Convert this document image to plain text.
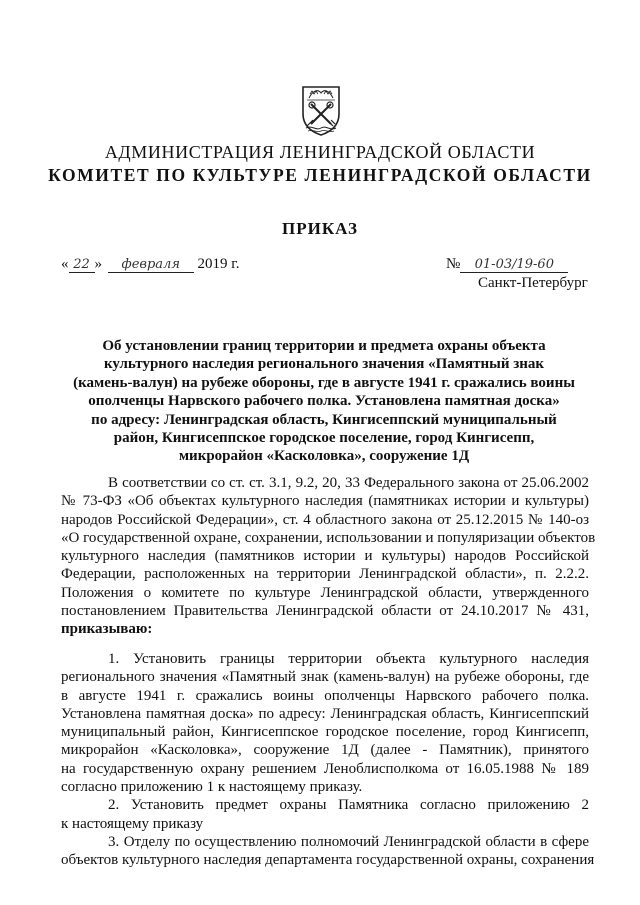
АДМИНИСТРАЦИЯ ЛЕНИНГРАДСКОЙ ОБЛАСТИ
КОМИТЕТ ПО КУЛЬТУРЕ ЛЕНИНГРАДСКОЙ ОБЛАСТИ
ПРИКАЗ
« 22 » февраля 2019 г.	№ 01-03/19-60
Санкт-Петербург
Об установлении границ территории и предмета охраны объекта
культурного наследия регионального значения «Памятный знак
(камень-валун) на рубеже обороны, где в августе 1941 г. сражались воины
ополченцы Нарвского рабочего полка. Установлена памятная доска»
по адресу: Ленинградская область, Кингисеппский муниципальный
район, Кингисеппское городское поселение, город Кингисепп,
микрорайон «Касколовка», сооружение 1Д
В соответствии со ст. ст. 3.1, 9.2, 20, 33 Федерального закона от 25.06.2002
№ 73-ФЗ «Об объектах культурного наследия (памятниках истории и культуры)
народов Российской Федерации», ст. 4 областного закона от 25.12.2015 № 140-оз
«О государственной охране, сохранении, использовании и популяризации объектов
культурного наследия (памятников истории и культуры) народов Российской
Федерации, расположенных на территории Ленинградской области», п. 2.2.2.
Положения о комитете по культуре Ленинградской области, утвержденного
постановлением Правительства Ленинградской области от 24.10.2017 № 431,
приказываю:
1. Установить границы территории объекта культурного наследия
регионального значения «Памятный знак (камень-валун) на рубеже обороны, где
в августе 1941 г. сражались воины ополченцы Нарвского рабочего полка.
Установлена памятная доска» по адресу: Ленинградская область, Кингисеппский
муниципальный район, Кингисеппское городское поселение, город Кингисепп,
микрорайон «Касколовка», сооружение 1Д (далее - Памятник), принятого
на государственную охрану решением Леноблисполкома от 16.05.1988 № 189
согласно приложению 1 к настоящему приказу.
2. Установить предмет охраны Памятника согласно приложению 2
к настоящему приказу
3. Отделу по осуществлению полномочий Ленинградской области в сфере
объектов культурного наследия департамента государственной охраны, сохранения
